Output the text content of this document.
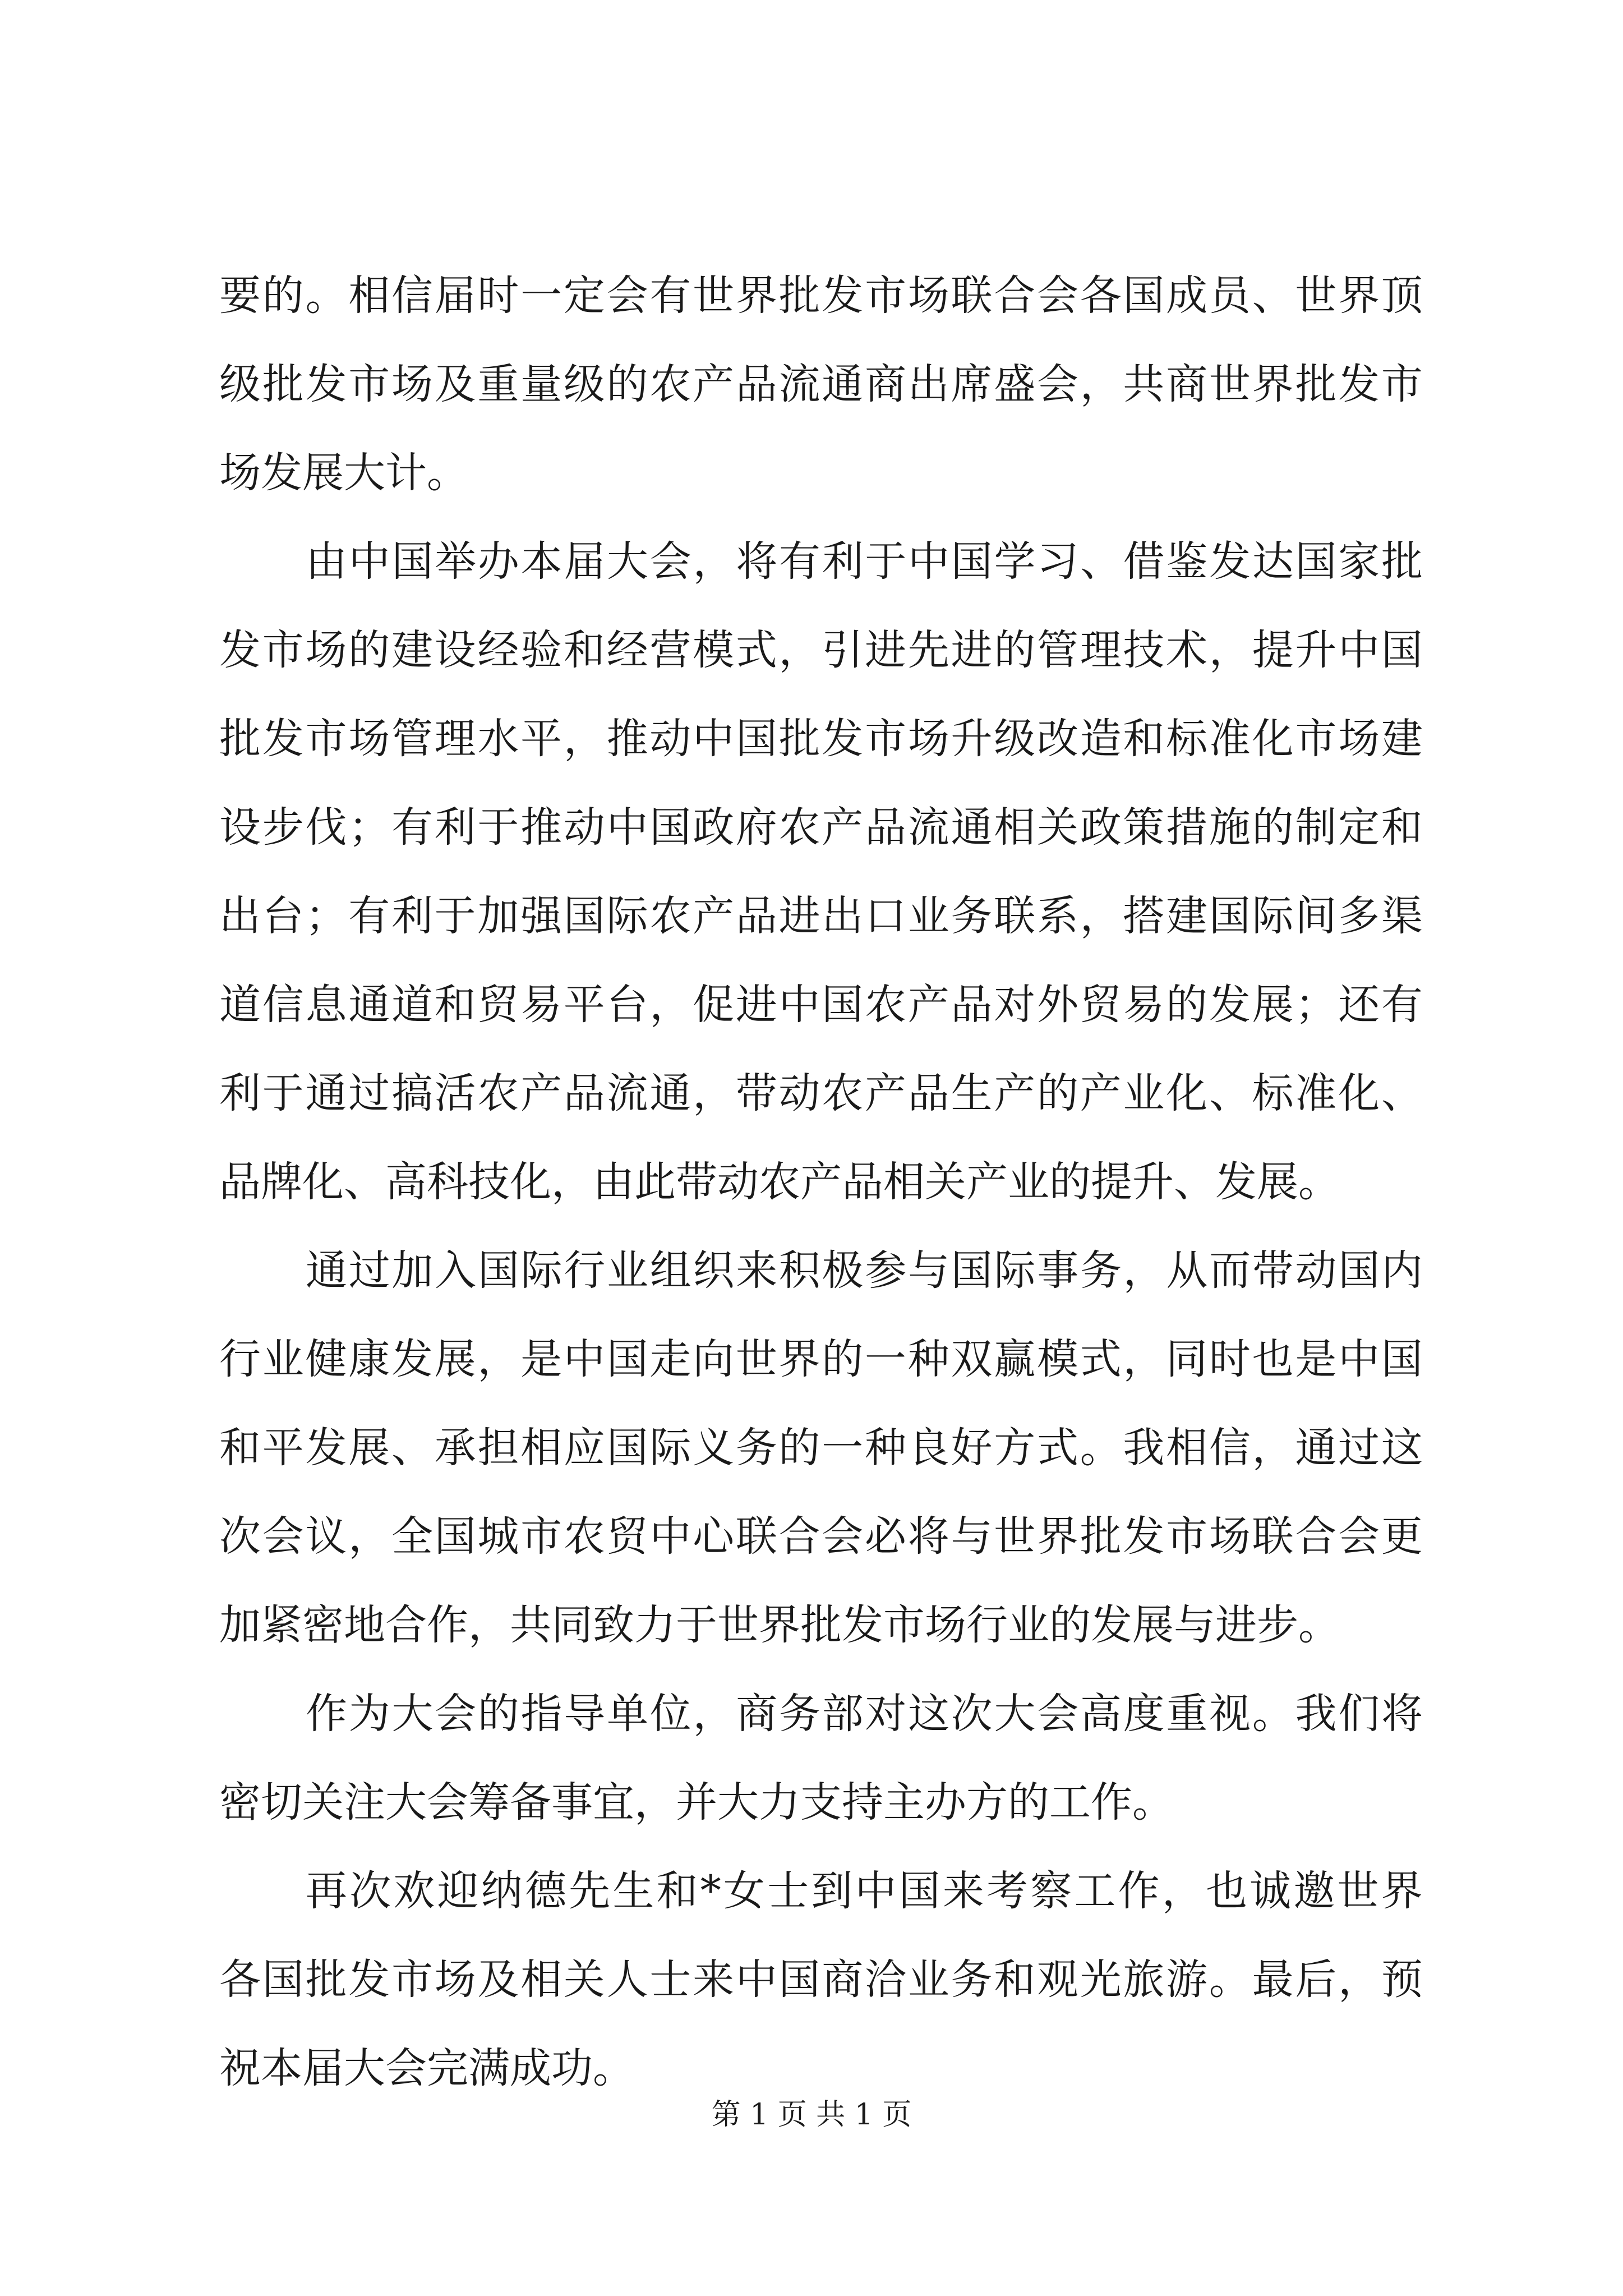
要 的 。 相 信 届 时 一 定 会 有 世 界 批 发 市 场 联 合 会 各 国 成 员 、 世 界 顶
级 批 发 市 场 及 重 量 级 的 农 产 品 流 通 商 出 席 盛 会 ， 共 商 世 界 批 发 市
场发展大计。
由 中 国 举 办 本 届 大 会 ， 将 有 利 于 中 国 学 习 、 借 鉴 发 达 国 家 批
发 市 场 的 建 设 经 验 和 经 营 模 式 ， 引 进 先 进 的 管 理 技 术 ， 提 升 中 国
批 发 市 场 管 理 水 平 ， 推 动 中 国 批 发 市 场 升 级 改 造 和 标 准 化 市 场 建
设 步 伐 ； 有 利 于 推 动 中 国 政 府 农 产 品 流 通 相 关 政 策 措 施 的 制 定 和
出 台 ； 有 利 于 加 强 国 际 农 产 品 进 出 口 业 务 联 系 ， 搭 建 国 际 间 多 渠
道 信 息 通 道 和 贸 易 平 台 ， 促 进 中 国 农 产 品 对 外 贸 易 的 发 展 ； 还 有
利 于 通 过 搞 活 农 产 品 流 通 ， 带 动 农 产 品 生 产 的 产 业 化 、 标 准 化 、
品牌化、高科技化，由此带动农产品相关产业的提升、发展。
通 过 加 入 国 际 行 业 组 织 来 积 极 参 与 国 际 事 务 ， 从 而 带 动 国 内
行 业 健 康 发 展 ， 是 中 国 走 向 世 界 的 一 种 双 赢 模 式 ， 同 时 也 是 中 国
和 平 发 展 、 承 担 相 应 国 际 义 务 的 一 种 良 好 方 式 。 我 相 信 ， 通 过 这
次 会 议 ， 全 国 城 市 农 贸 中 心 联 合 会 必 将 与 世 界 批 发 市 场 联 合 会 更
加紧密地合作，共同致力于世界批发市场行业的发展与进步。
作 为 大 会 的 指 导 单 位 ， 商 务 部 对 这 次 大 会 高 度 重 视 。 我 们 将
密切关注大会筹备事宜，并大力支持主办方的工作。
再 次 欢 迎 纳 德 先 生 和 * 女 士 到 中 国 来 考 察 工 作 ， 也 诚 邀 世 界
各 国 批 发 市 场 及 相 关 人 士 来 中 国 商 洽 业 务 和 观 光 旅 游 。 最 后 ， 预
祝本届大会完满成功。
第 1 页 共 1 页
